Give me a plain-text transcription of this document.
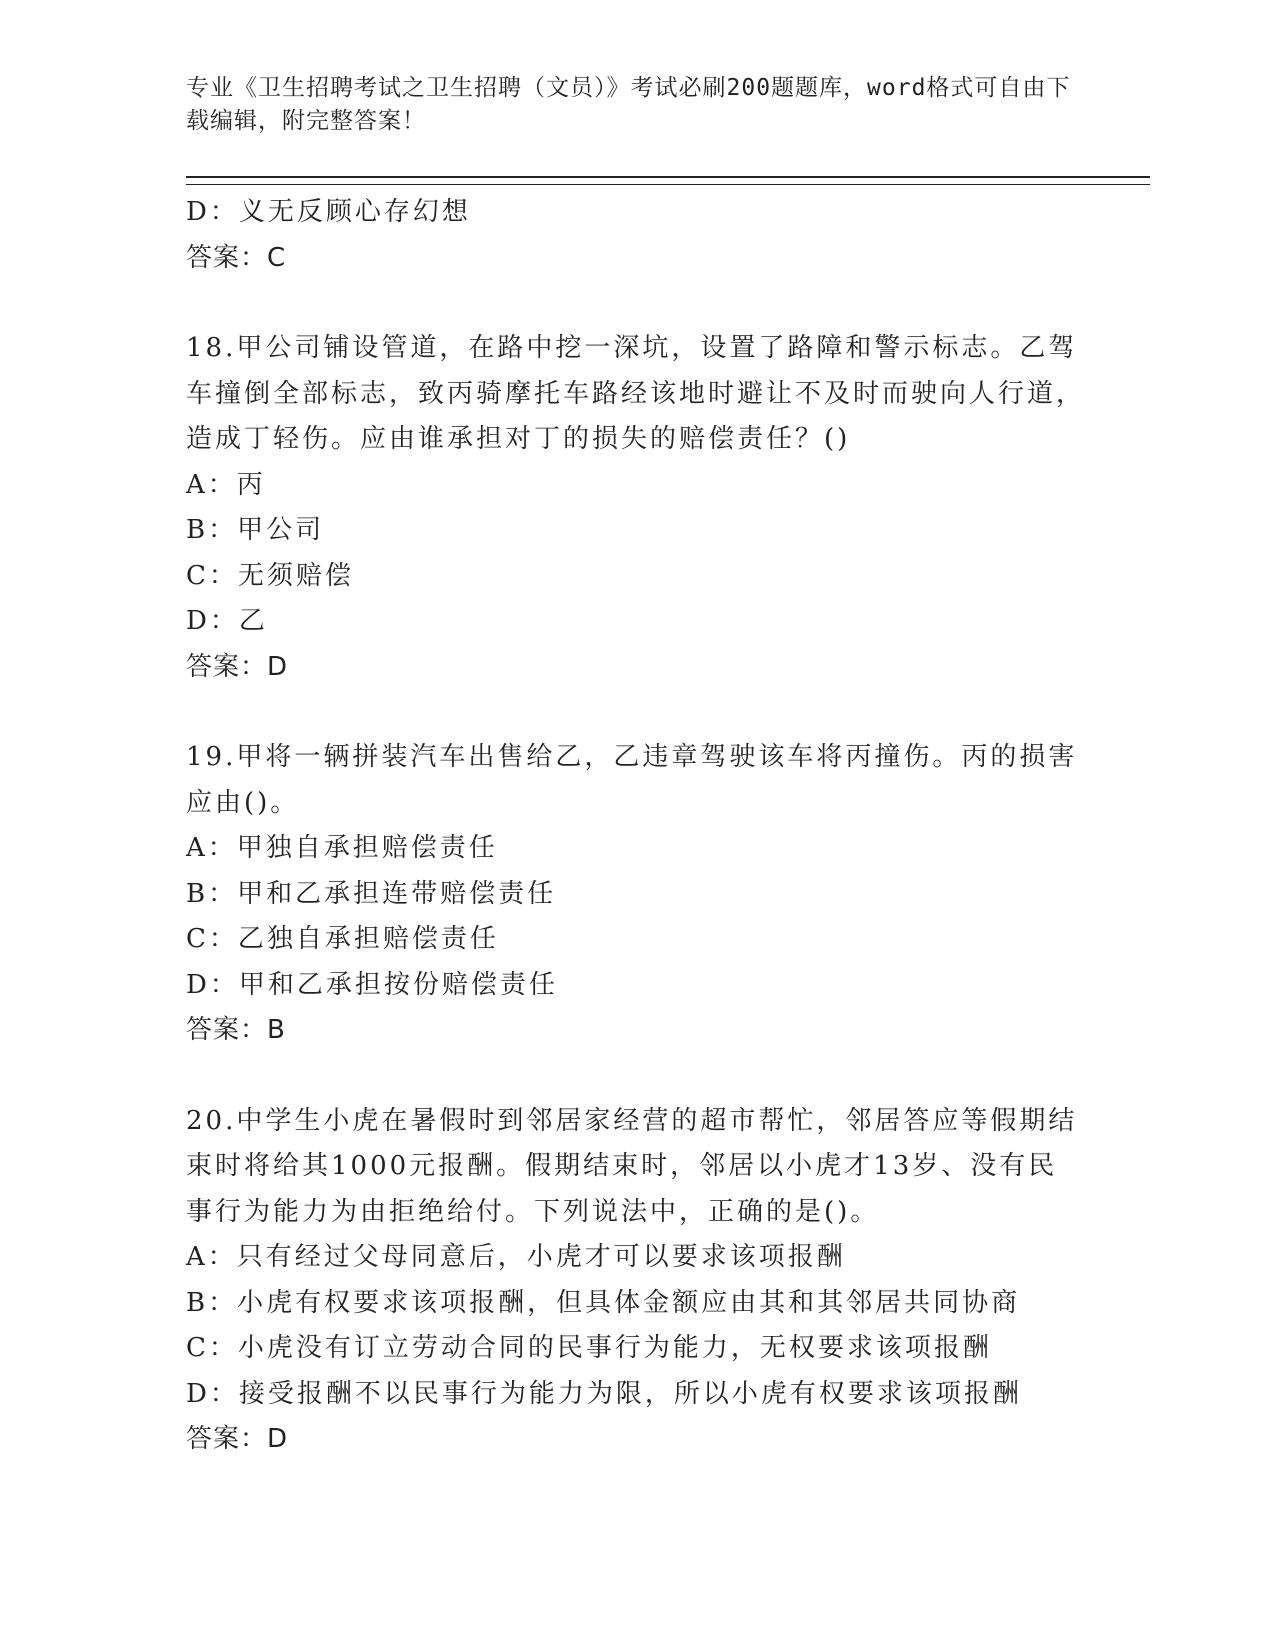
专业《卫生招聘考试之卫生招聘（文员）》考试必刷200题题库，word格式可自由下载编辑，附完整答案！
D：义无反顾心存幻想
答案：C
18.甲公司铺设管道，在路中挖一深坑，设置了路障和警示标志。乙驾车撞倒全部标志，致丙骑摩托车路经该地时避让不及时而驶向人行道，造成丁轻伤。应由谁承担对丁的损失的赔偿责任？()
A：丙
B：甲公司
C：无须赔偿
D：乙
答案：D
19.甲将一辆拼装汽车出售给乙，乙违章驾驶该车将丙撞伤。丙的损害应由()。
A：甲独自承担赔偿责任
B：甲和乙承担连带赔偿责任
C：乙独自承担赔偿责任
D：甲和乙承担按份赔偿责任
答案：B
20.中学生小虎在暑假时到邻居家经营的超市帮忙，邻居答应等假期结束时将给其1000元报酬。假期结束时，邻居以小虎才13岁、没有民事行为能力为由拒绝给付。下列说法中，正确的是()。
A：只有经过父母同意后，小虎才可以要求该项报酬
B：小虎有权要求该项报酬，但具体金额应由其和其邻居共同协商
C：小虎没有订立劳动合同的民事行为能力，无权要求该项报酬
D：接受报酬不以民事行为能力为限，所以小虎有权要求该项报酬
答案：D
